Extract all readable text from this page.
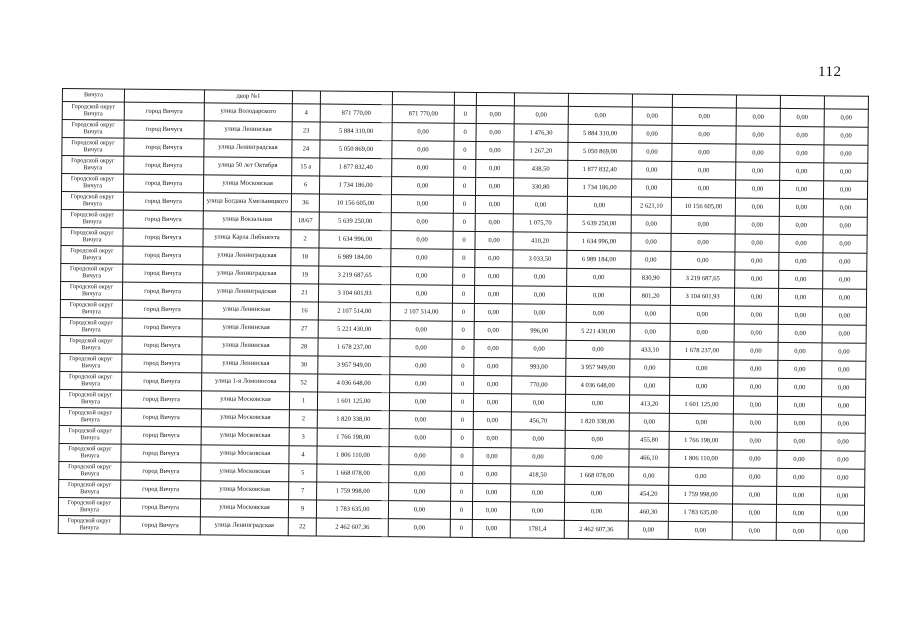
112
Вичуга		двор №1												
Городской округ Вичуга	город Вичуга	улица Володарского	4	871 770,00	871 770,00	0	0,00	0,00	0,00	0,00	0,00	0,00	0,00	0,00
Городской округ Вичуга	город Вичуга	улица Ленинская	23	5 884 310,00	0,00	0	0,00	1 476,30	5 884 310,00	0,00	0,00	0,00	0,00	0,00
Городской округ Вичуга	город Вичуга	улица Ленинградская	24	5 050 869,00	0,00	0	0,00	1 267,20	5 050 869,00	0,00	0,00	0,00	0,00	0,00
Городской округ Вичуга	город Вичуга	улица 50 лет Октября	15 а	1 877 832,40	0,00	0	0,00	438,50	1 877 832,40	0,00	0,00	0,00	0,00	0,00
Городской округ Вичуга	город Вичуга	улица Московская	6	1 734 186,00	0,00	0	0,00	330,80	1 734 186,00	0,00	0,00	0,00	0,00	0,00
Городской округ Вичуга	город Вичуга	улица Богдана Хмельницкого	36	10 156 605,00	0,00	0	0,00	0,00	0,00	2 621,10	10 156 605,00	0,00	0,00	0,00
Городской округ Вичуга	город Вичуга	улица Вокзальная	18/67	5 639 250,00	0,00	0	0,00	1 075,70	5 639 250,00	0,00	0,00	0,00	0,00	0,00
Городской округ Вичуга	город Вичуга	улица Карла Либкнехта	2	1 634 996,00	0,00	0	0,00	410,20	1 634 996,00	0,00	0,00	0,00	0,00	0,00
Городской округ Вичуга	город Вичуга	улица Ленинградская	18	6 989 184,00	0,00	0	0,00	3 033,50	6 989 184,00	0,00	0,00	0,00	0,00	0,00
Городской округ Вичуга	город Вичуга	улица Ленинградская	19	3 219 687,65	0,00	0	0,00	0,00	0,00	830,90	3 219 687,65	0,00	0,00	0,00
Городской округ Вичуга	город Вичуга	улица Ленинградская	21	3 104 601,93	0,00	0	0,00	0,00	0,00	801,20	3 104 601,93	0,00	0,00	0,00
Городской округ Вичуга	город Вичуга	улица Ленинская	16	2 107 514,00	2 107 514,00	0	0,00	0,00	0,00	0,00	0,00	0,00	0,00	0,00
Городской округ Вичуга	город Вичуга	улица Ленинская	27	5 221 430,00	0,00	0	0,00	996,00	5 221 430,00	0,00	0,00	0,00	0,00	0,00
Городской округ Вичуга	город Вичуга	улица Ленинская	28	1 678 237,00	0,00	0	0,00	0,00	0,00	433,10	1 678 237,00	0,00	0,00	0,00
Городской округ Вичуга	город Вичуга	улица Ленинская	30	3 957 949,00	0,00	0	0,00	993,00	3 957 949,00	0,00	0,00	0,00	0,00	0,00
Городской округ Вичуга	город Вичуга	улица 1-я Ломоносова	52	4 036 648,00	0,00	0	0,00	770,00	4 036 648,00	0,00	0,00	0,00	0,00	0,00
Городской округ Вичуга	город Вичуга	улица Московская	1	1 601 125,00	0,00	0	0,00	0,00	0,00	413,20	1 601 125,00	0,00	0,00	0,00
Городской округ Вичуга	город Вичуга	улица Московская	2	1 820 338,00	0,00	0	0,00	456,70	1 820 338,00	0,00	0,00	0,00	0,00	0,00
Городской округ Вичуга	город Вичуга	улица Московская	3	1 766 198,00	0,00	0	0,00	0,00	0,00	455,80	1 766 198,00	0,00	0,00	0,00
Городской округ Вичуга	город Вичуга	улица Московская	4	1 806 110,00	0,00	0	0,00	0,00	0,00	466,10	1 806 110,00	0,00	0,00	0,00
Городской округ Вичуга	город Вичуга	улица Московская	5	1 668 078,00	0,00	0	0,00	418,50	1 668 078,00	0,00	0,00	0,00	0,00	0,00
Городской округ Вичуга	город Вичуга	улица Московская	7	1 759 998,00	0,00	0	0,00	0,00	0,00	454,20	1 759 998,00	0,00	0,00	0,00
Городской округ Вичуга	город Вичуга	улица Московская	9	1 783 635,00	0,00	0	0,00	0,00	0,00	460,30	1 783 635,00	0,00	0,00	0,00
Городской округ Вичуга	город Вичуга	улица Ленинградская	22	2 462 607,36	0,00	0	0,00	1781,4	2 462 607,36	0,00	0,00	0,00	0,00	0,00
